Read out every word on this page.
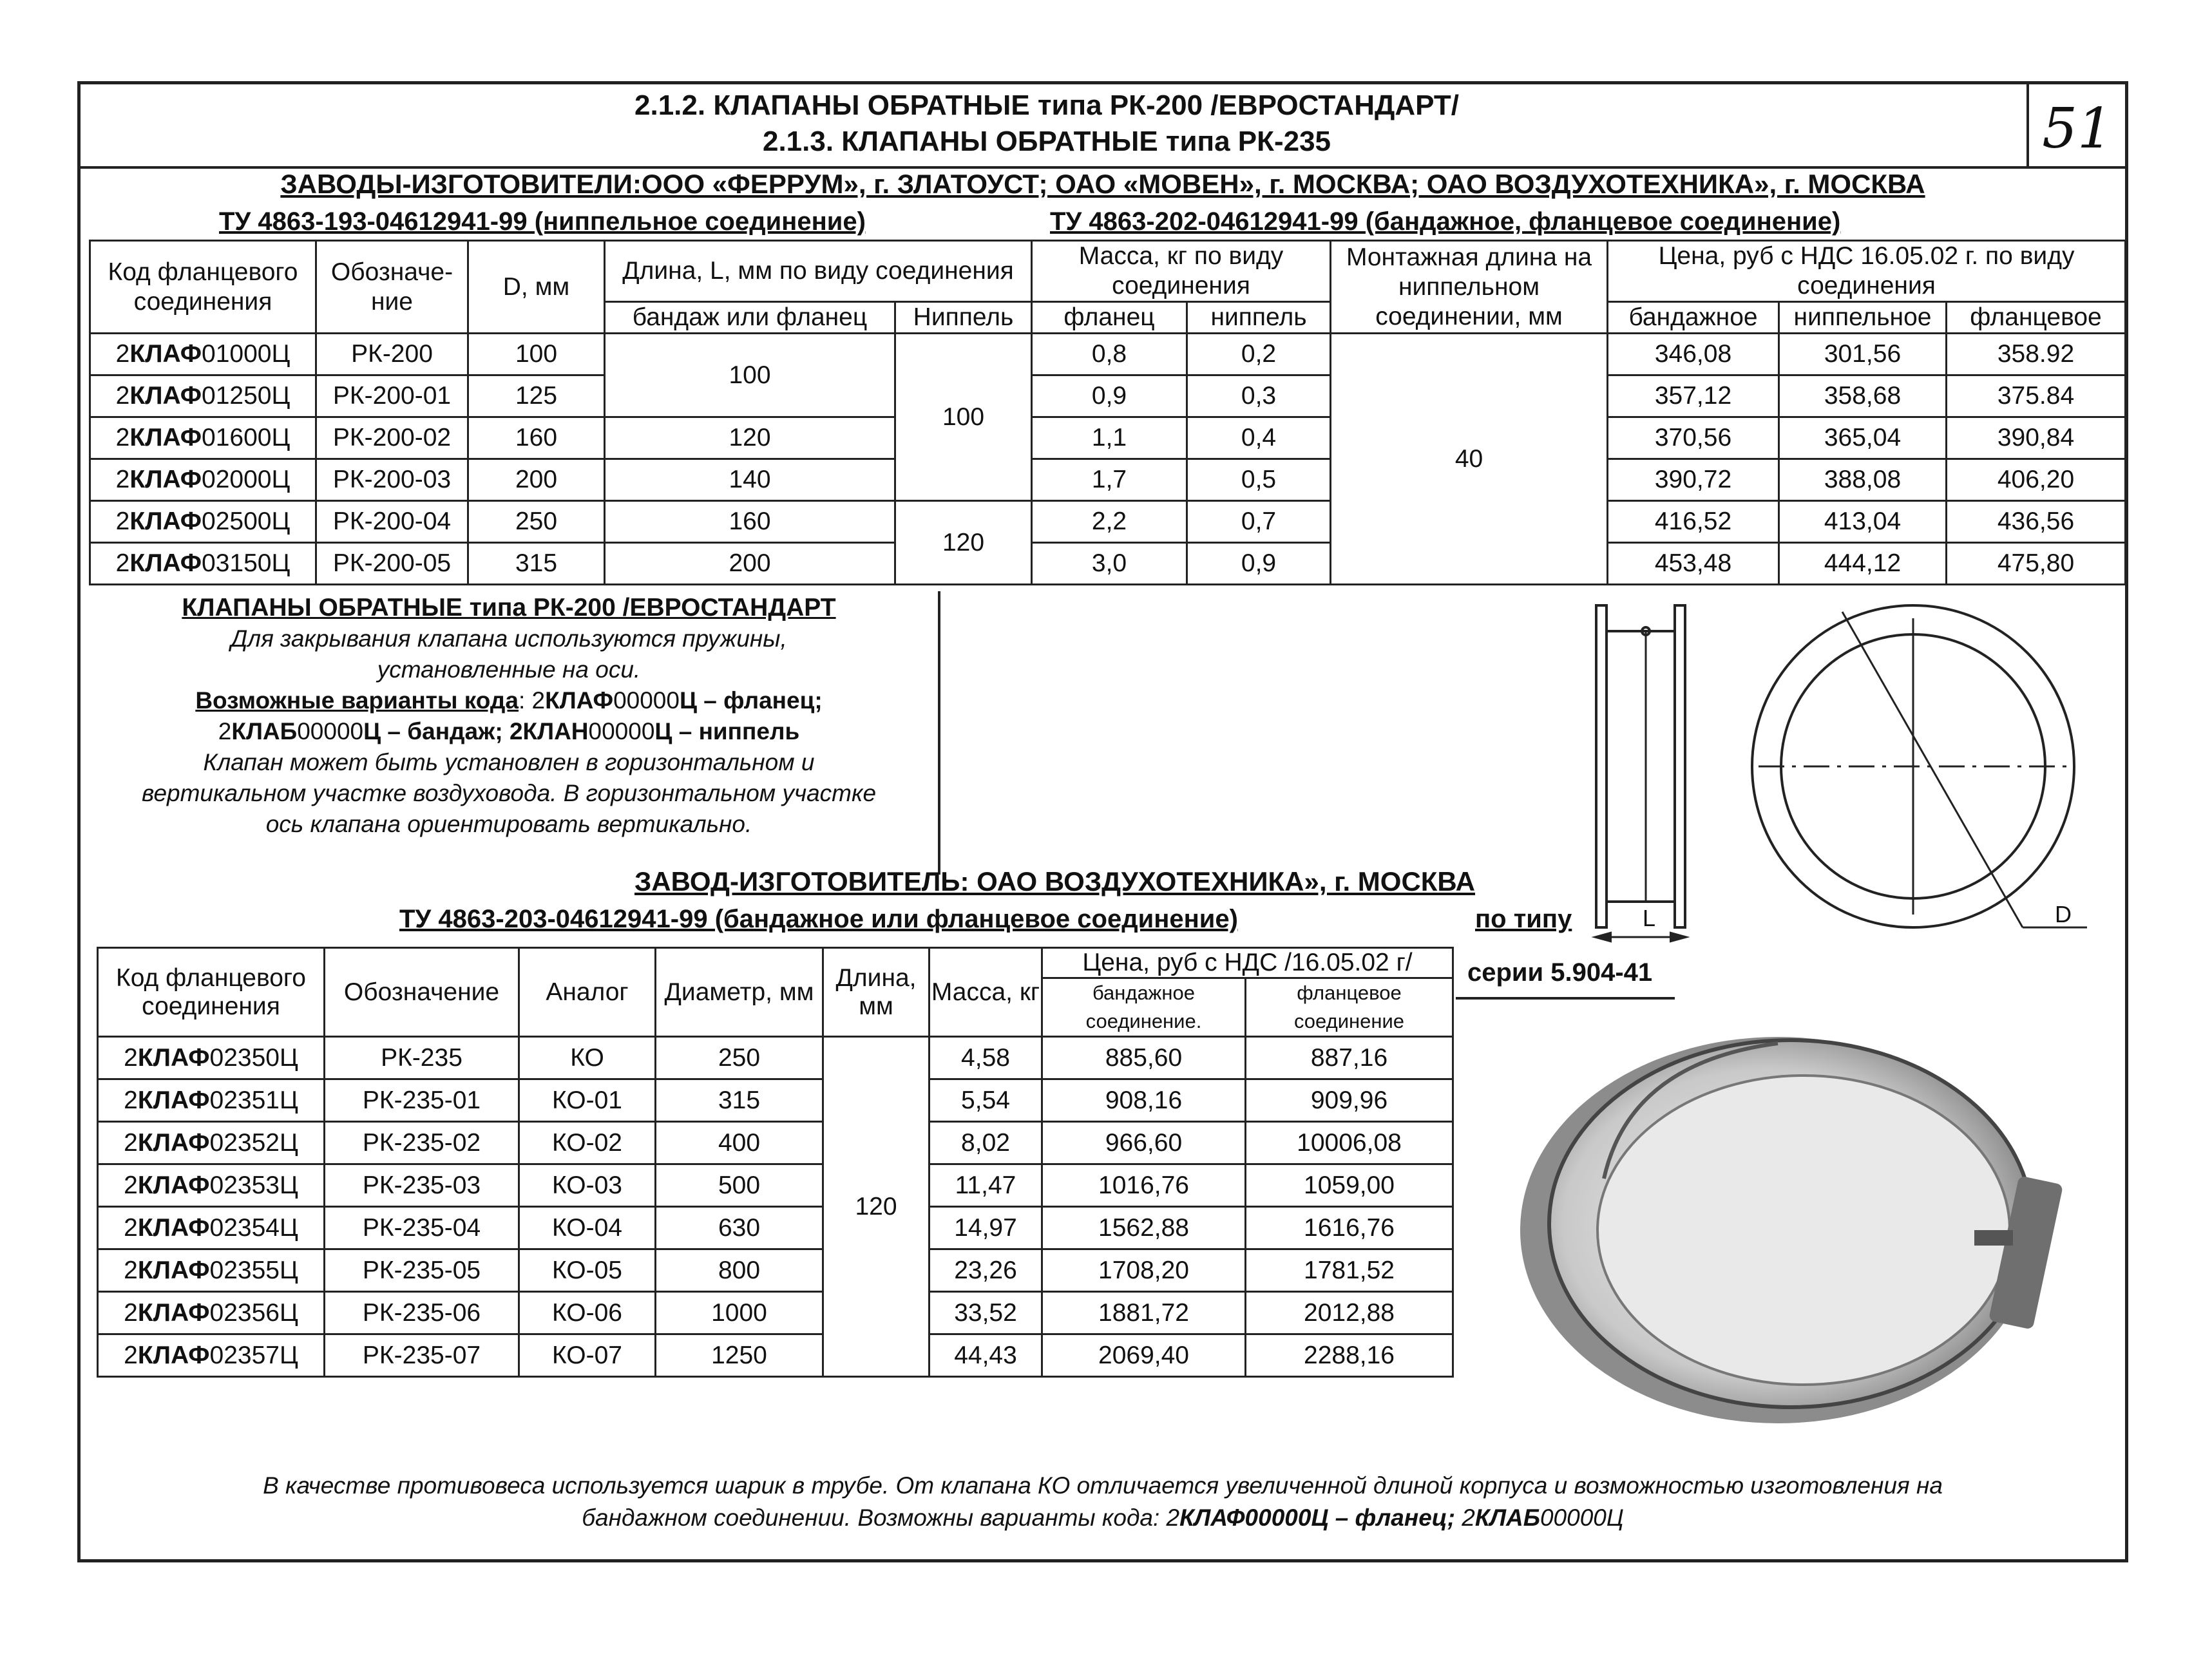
2.1.2. КЛАПАНЫ ОБРАТНЫЕ типа РК-200 /ЕВРОСТАНДАРТ/
2.1.3. КЛАПАНЫ ОБРАТНЫЕ типа РК-235	51
ЗАВОДЫ-ИЗГОТОВИТЕЛИ:ООО «ФЕРРУМ», г. ЗЛАТОУСТ; ОАО «МОВЕН», г. МОСКВА; ОАО ВОЗДУХОТЕХНИКА», г. МОСКВА
ТУ 4863-193-04612941-99 (ниппельное соединение)	ТУ 4863-202-04612941-99 (бандажное, фланцевое соединение)
Код фланцевого соединения	Обозначе-ние	D, мм	Длина, L, мм по виду соединения		Масса, кг по виду соединения		Монтажная длина на ниппельном соединении, мм	Цена, руб с НДС 16.05.02 г. по виду соединения		
			бандаж или фланец	Ниппель	фланец	ниппель		бандажное	ниппельное	фланцевое
2КЛАФ01000Ц	РК-200	100	100	100	0,8	0,2	40	346,08	301,56	358.92
2КЛАФ01250Ц	РК-200-01	125			0,9	0,3		357,12	358,68	375.84
2КЛАФ01600Ц	РК-200-02	160	120		1,1	0,4		370,56	365,04	390,84
2КЛАФ02000Ц	РК-200-03	200	140		1,7	0,5		390,72	388,08	406,20
2КЛАФ02500Ц	РК-200-04	250	160	120	2,2	0,7		416,52	413,04	436,56
2КЛАФ03150Ц	РК-200-05	315	200		3,0	0,9		453,48	444,12	475,80
КЛАПАНЫ ОБРАТНЫЕ типа РК-200 /ЕВРОСТАНДАРТ
Для закрывания клапана используются пружины,
установленные на оси.
Возможные варианты кода: 2КЛАФ00000Ц – фланец;
2КЛАБ00000Ц – бандаж; 2КЛАН00000Ц – ниппель
Клапан может быть установлен в горизонтальном и
вертикальном участке воздуховода. В горизонтальном участке
ось клапана ориентировать вертикально.
L	D
ЗАВОД-ИЗГОТОВИТЕЛЬ: ОАО ВОЗДУХОТЕХНИКА», г. МОСКВА
ТУ 4863-203-04612941-99 (бандажное или фланцевое соединение)	по типу
серии 5.904-41
Код фланцевого соединения	Обозначение	Аналог	Диаметр, мм	Длина, мм	Масса, кг	Цена, руб с НДС /16.05.02 г/	
						бандажное соединение.	фланцевое соединение
2КЛАФ02350Ц	РК-235	КО	250	120	4,58	885,60	887,16
2КЛАФ02351Ц	РК-235-01	КО-01	315		5,54	908,16	909,96
2КЛАФ02352Ц	РК-235-02	КО-02	400		8,02	966,60	10006,08
2КЛАФ02353Ц	РК-235-03	КО-03	500		11,47	1016,76	1059,00
2КЛАФ02354Ц	РК-235-04	КО-04	630		14,97	1562,88	1616,76
2КЛАФ02355Ц	РК-235-05	КО-05	800		23,26	1708,20	1781,52
2КЛАФ02356Ц	РК-235-06	КО-06	1000		33,52	1881,72	2012,88
2КЛАФ02357Ц	РК-235-07	КО-07	1250		44,43	2069,40	2288,16
В качестве противовеса используется шарик в трубе. От клапана КО отличается увеличенной длиной корпуса и возможностью изготовления на
бандажном соединении. Возможны варианты кода: 2КЛАФ00000Ц – фланец; 2КЛАБ00000Ц
